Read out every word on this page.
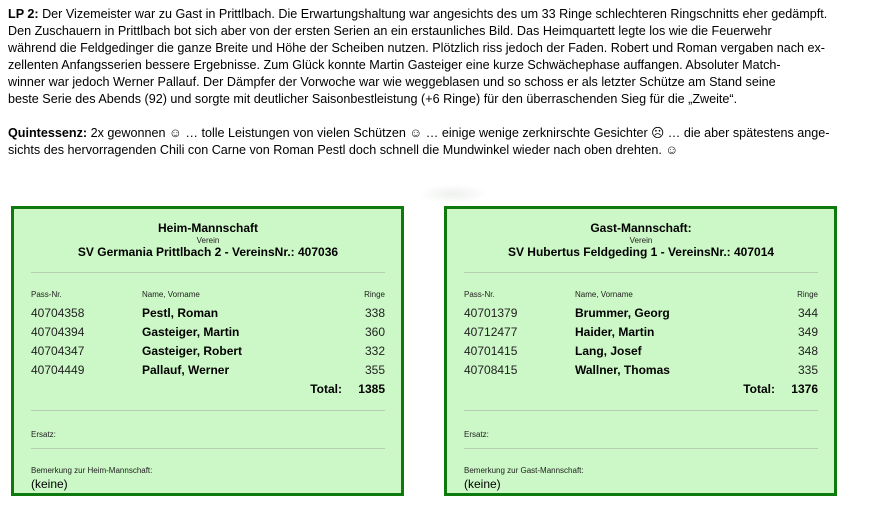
LP 2: Der Vizemeister war zu Gast in Prittlbach. Die Erwartungshaltung war angesichts des um 33 Ringe schlechteren Ringschnitts eher gedämpft.
Den Zuschauern in Prittlbach bot sich aber von der ersten Serien an ein erstaunliches Bild. Das Heimquartett legte los wie die Feuerwehr
während die Feldgedinger die ganze Breite und Höhe der Scheiben nutzen. Plötzlich riss jedoch der Faden. Robert und Roman vergaben nach ex-
zellenten Anfangsserien bessere Ergebnisse. Zum Glück konnte Martin Gasteiger eine kurze Schwächephase auffangen. Absoluter Match-
winner war jedoch Werner Pallauf. Der Dämpfer der Vorwoche war wie weggeblasen und so schoss er als letzter Schütze am Stand seine
beste Serie des Abends (92) und sorgte mit deutlicher Saisonbestleistung (+6 Ringe) für den überraschenden Sieg für die „Zweite“.

Quintessenz: 2x gewonnen ☺ … tolle Leistungen von vielen Schützen ☺ … einige wenige zerknirschte Gesichter ☹ … die aber spätestens ange-
sichts des hervorragenden Chili con Carne von Roman Pestl doch schnell die Mundwinkel wieder nach oben drehten. ☺

Heim-Mannschaft
Verein
SV Germania Prittlbach 2 - VereinsNr.: 407036
Pass-Nr.	Name, Vorname	Ringe
40704358	Pestl, Roman	338
40704394	Gasteiger, Martin	360
40704347	Gasteiger, Robert	332
40704449	Pallauf, Werner	355
Total: 1385
Ersatz:
Bemerkung zur Heim-Mannschaft:
(keine)
Gast-Mannschaft:
Verein
SV Hubertus Feldgeding 1 - VereinsNr.: 407014
Pass-Nr.	Name, Vorname	Ringe
40701379	Brummer, Georg	344
40712477	Haider, Martin	349
40701415	Lang, Josef	348
40708415	Wallner, Thomas	335
Total: 1376
Ersatz:
Bemerkung zur Gast-Mannschaft:
(keine)
